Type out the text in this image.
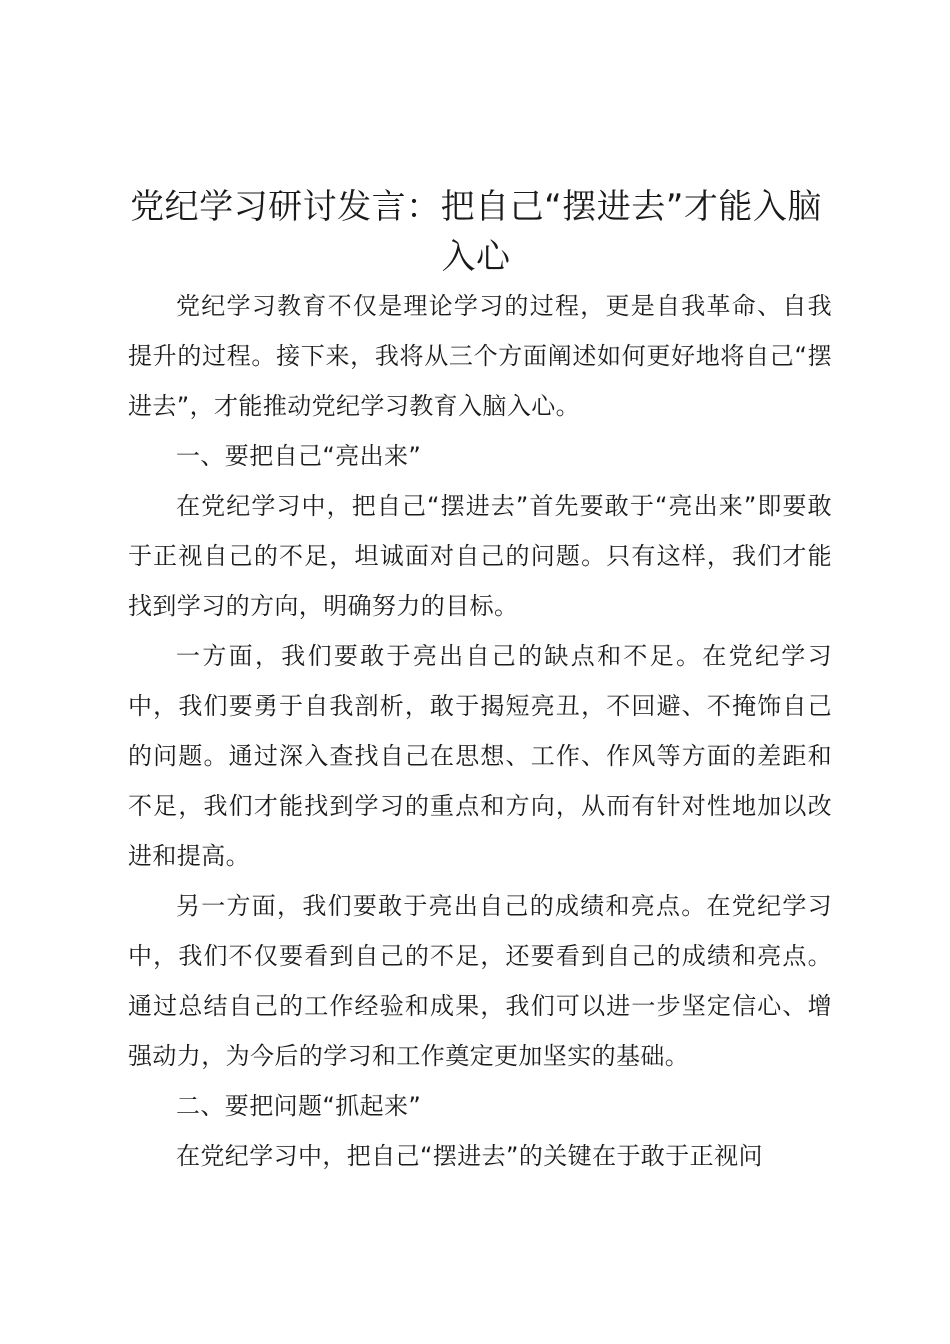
党纪学习研讨发言：把自己“摆进去”才能入脑入心

党纪学习教育不仅是理论学习的过程，更是自我革命、自我提升的过程。接下来，我将从三个方面阐述如何更好地将自己“摆进去”，才能推动党纪学习教育入脑入心。

一、要把自己“亮出来”

在党纪学习中，把自己“摆进去”首先要敢于“亮出来”即要敢于正视自己的不足，坦诚面对自己的问题。只有这样，我们才能找到学习的方向，明确努力的目标。

一方面，我们要敢于亮出自己的缺点和不足。在党纪学习中，我们要勇于自我剖析，敢于揭短亮丑，不回避、不掩饰自己的问题。通过深入查找自己在思想、工作、作风等方面的差距和不足，我们才能找到学习的重点和方向，从而有针对性地加以改进和提高。

另一方面，我们要敢于亮出自己的成绩和亮点。在党纪学习中，我们不仅要看到自己的不足，还要看到自己的成绩和亮点。通过总结自己的工作经验和成果，我们可以进一步坚定信心、增强动力，为今后的学习和工作奠定更加坚实的基础。

二、要把问题“抓起来”

在党纪学习中，把自己“摆进去”的关键在于敢于正视问
